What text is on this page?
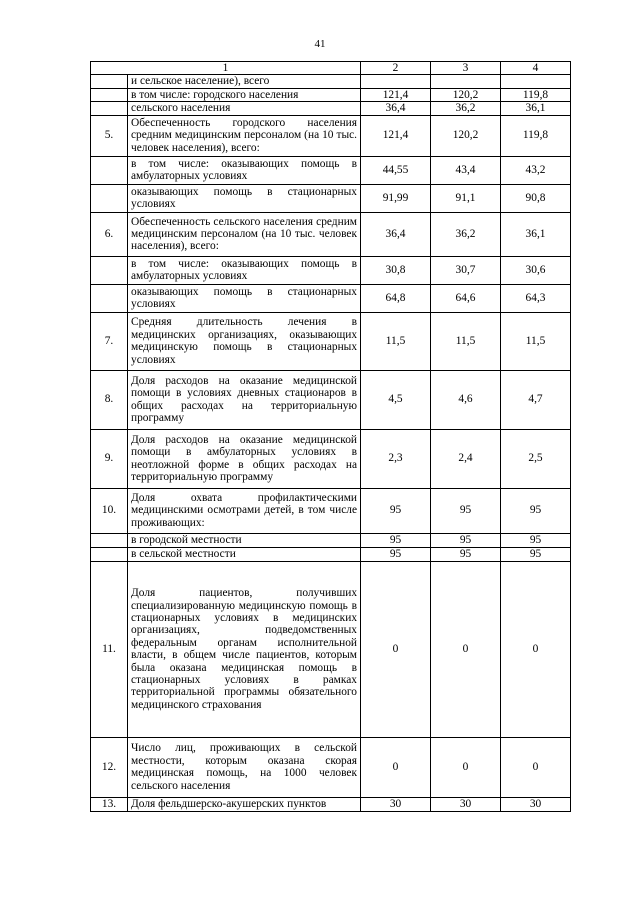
41
1		2	3	4
	и сельское население), всего			
	в том числе: городского населения	121,4	120,2	119,8
	сельского населения	36,4	36,2	36,1
5.	Обеспеченность городского населения средним медицинским персоналом (на 10 тыс. человек населения), всего:	121,4	120,2	119,8
	в том числе: оказывающих помощь в амбулаторных условиях	44,55	43,4	43,2
	оказывающих помощь в стационарных условиях	91,99	91,1	90,8
6.	Обеспеченность сельского населения средним медицинским персоналом (на 10 тыс. человек населения), всего:	36,4	36,2	36,1
	в том числе: оказывающих помощь в амбулаторных условиях	30,8	30,7	30,6
	оказывающих помощь в стационарных условиях	64,8	64,6	64,3
7.	Средняя длительность лечения в медицинских организациях, оказывающих медицинскую помощь в стационарных условиях	11,5	11,5	11,5
8.	Доля расходов на оказание медицинской помощи в условиях дневных стационаров в общих расходах на территориальную программу	4,5	4,6	4,7
9.	Доля расходов на оказание медицинской помощи в амбулаторных условиях в неотложной форме в общих расходах на территориальную программу	2,3	2,4	2,5
10.	Доля охвата профилактическими медицинскими осмотрами детей, в том числе проживающих:	95	95	95
	в городской местности	95	95	95
	в сельской местности	95	95	95
11.	Доля пациентов, получивших специализированную медицинскую помощь в стационарных условиях в медицинских организациях, подведомственных федеральным органам исполнительной власти, в общем числе пациентов, которым была оказана медицинская помощь в стационарных условиях в рамках территориальной программы обязательного медицинского страхования	0	0	0
12.	Число лиц, проживающих в сельской местности, которым оказана скорая медицинская помощь, на 1000 человек сельского населения	0	0	0
13.	Доля фельдшерско-акушерских пунктов	30	30	30
